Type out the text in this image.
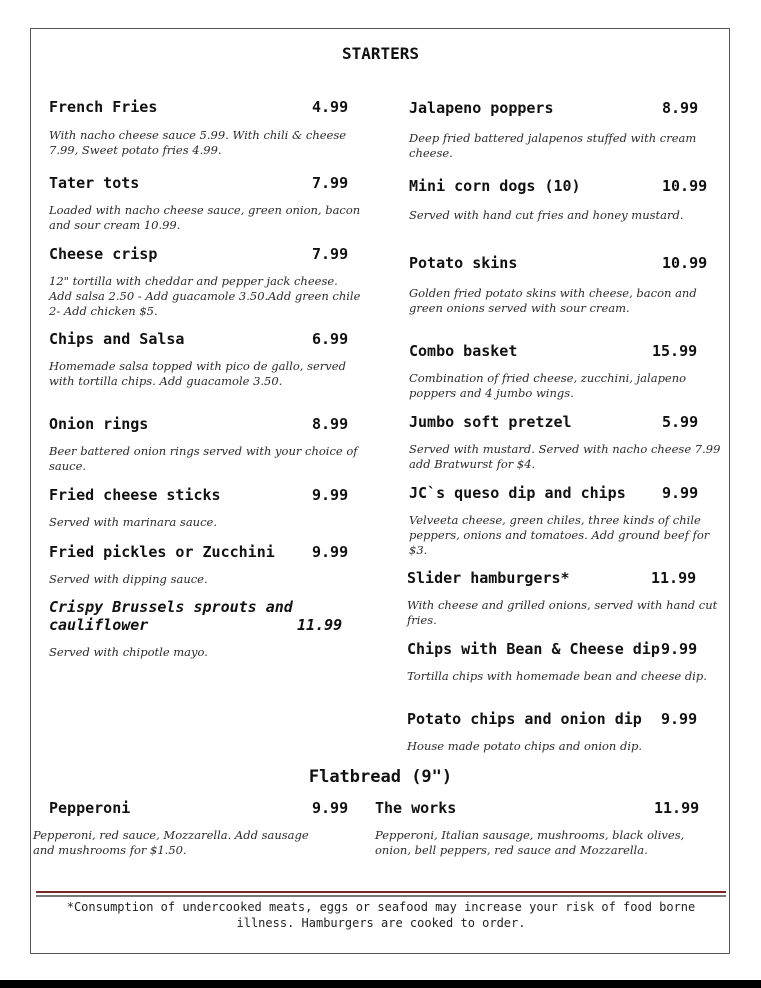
STARTERS
French Fries	4.99
With nacho cheese sauce 5.99. With chili & cheese 7.99, Sweet potato fries 4.99.
Tater tots	7.99
Loaded with nacho cheese sauce, green onion, bacon and sour cream 10.99.
Cheese crisp	7.99
12" tortilla with cheddar and pepper jack cheese. Add salsa 2.50 - Add guacamole 3.50.Add green chile 2- Add chicken $5.
Chips and Salsa	6.99
Homemade salsa topped with pico de gallo, served with tortilla chips. Add guacamole 3.50.
Onion rings	8.99
Beer battered onion rings served with your choice of sauce.
Fried cheese sticks	9.99
Served with marinara sauce.
Fried pickles or Zucchini 9.99
Served with dipping sauce.
Crispy Brussels sprouts and cauliflower	11.99
Served with chipotle mayo.
Jalapeno poppers	8.99
Deep fried battered jalapenos stuffed with cream cheese.
Mini corn dogs (10)	10.99
Served with hand cut fries and honey mustard.
Potato skins	10.99
Golden fried potato skins with cheese, bacon and green onions served with sour cream.
Combo basket	15.99
Combination of fried cheese, zucchini, jalapeno poppers and 4 jumbo wings.
Jumbo soft pretzel	5.99
Served with mustard. Served with nacho cheese 7.99 add Bratwurst for $4.
JC`s queso dip and chips 9.99
Velveeta cheese, green chiles, three kinds of chile peppers, onions and tomatoes. Add ground beef for $3.
Slider hamburgers*	11.99
With cheese and grilled onions, served with hand cut fries.
Chips with Bean & Cheese dip 9.99
Tortilla chips with homemade bean and cheese dip.
Potato chips and onion dip 9.99
House made potato chips and onion dip.
Flatbread (9")
Pepperoni	9.99
Pepperoni, red sauce, Mozzarella. Add sausage and mushrooms for $1.50.
The works	11.99
Pepperoni, Italian sausage, mushrooms, black olives, onion, bell peppers, red sauce and Mozzarella.
*Consumption of undercooked meats, eggs or seafood may increase your risk of food borne illness. Hamburgers are cooked to order.
